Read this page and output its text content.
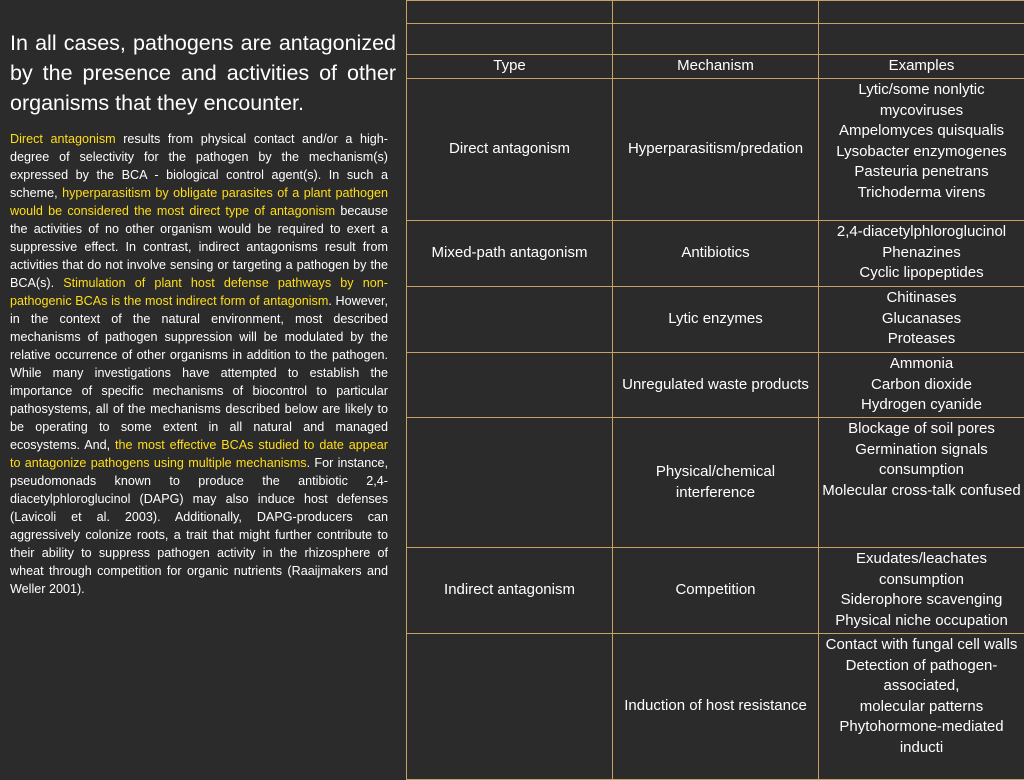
In all cases, pathogens are antagonized by the presence and activities of other organisms that they encounter.
Direct antagonism results from physical contact and/or a high-degree of selectivity for the pathogen by the mechanism(s) expressed by the BCA - biological control agent(s). In such a scheme, hyperparasitism by obligate parasites of a plant pathogen would be considered the most direct type of antagonism because the activities of no other organism would be required to exert a suppressive effect. In contrast, indirect antagonisms result from activities that do not involve sensing or targeting a pathogen by the BCA(s). Stimulation of plant host defense pathways by non-pathogenic BCAs is the most indirect form of antagonism. However, in the context of the natural environment, most described mechanisms of pathogen suppression will be modulated by the relative occurrence of other organisms in addition to the pathogen. While many investigations have attempted to establish the importance of specific mechanisms of biocontrol to particular pathosystems, all of the mechanisms described below are likely to be operating to some extent in all natural and managed ecosystems. And, the most effective BCAs studied to date appear to antagonize pathogens using multiple mechanisms. For instance, pseudomonads known to produce the antibiotic 2,4-diacetylphloroglucinol (DAPG) may also induce host defenses (Lavicoli et al. 2003). Additionally, DAPG-producers can aggressively colonize roots, a trait that might further contribute to their ability to suppress pathogen activity in the rhizosphere of wheat through competition for organic nutrients (Raaijmakers and Weller 2001).

Type	Mechanism	Examples
Direct antagonism	Hyperparasitism/predation	Lytic/some nonlytic mycoviruses
Ampelomyces quisqualis
Lysobacter enzymogenes
Pasteuria penetrans
Trichoderma virens

Mixed-path antagonism	Antibiotics	2,4-diacetylphloroglucinol
Phenazines
Cyclic lipopeptides

	Lytic enzymes	Chitinases
Glucanases
Proteases

	Unregulated waste products	Ammonia
Carbon dioxide
Hydrogen cyanide

	Physical/chemical interference	Blockage of soil pores
Germination signals consumption
Molecular cross-talk confused

Indirect antagonism	Competition	Exudates/leachates consumption
Siderophore scavenging
Physical niche occupation

	Induction of host resistance	Contact with fungal cell walls
Detection of pathogen-associated,
molecular patterns
Phytohormone-mediated inducti
